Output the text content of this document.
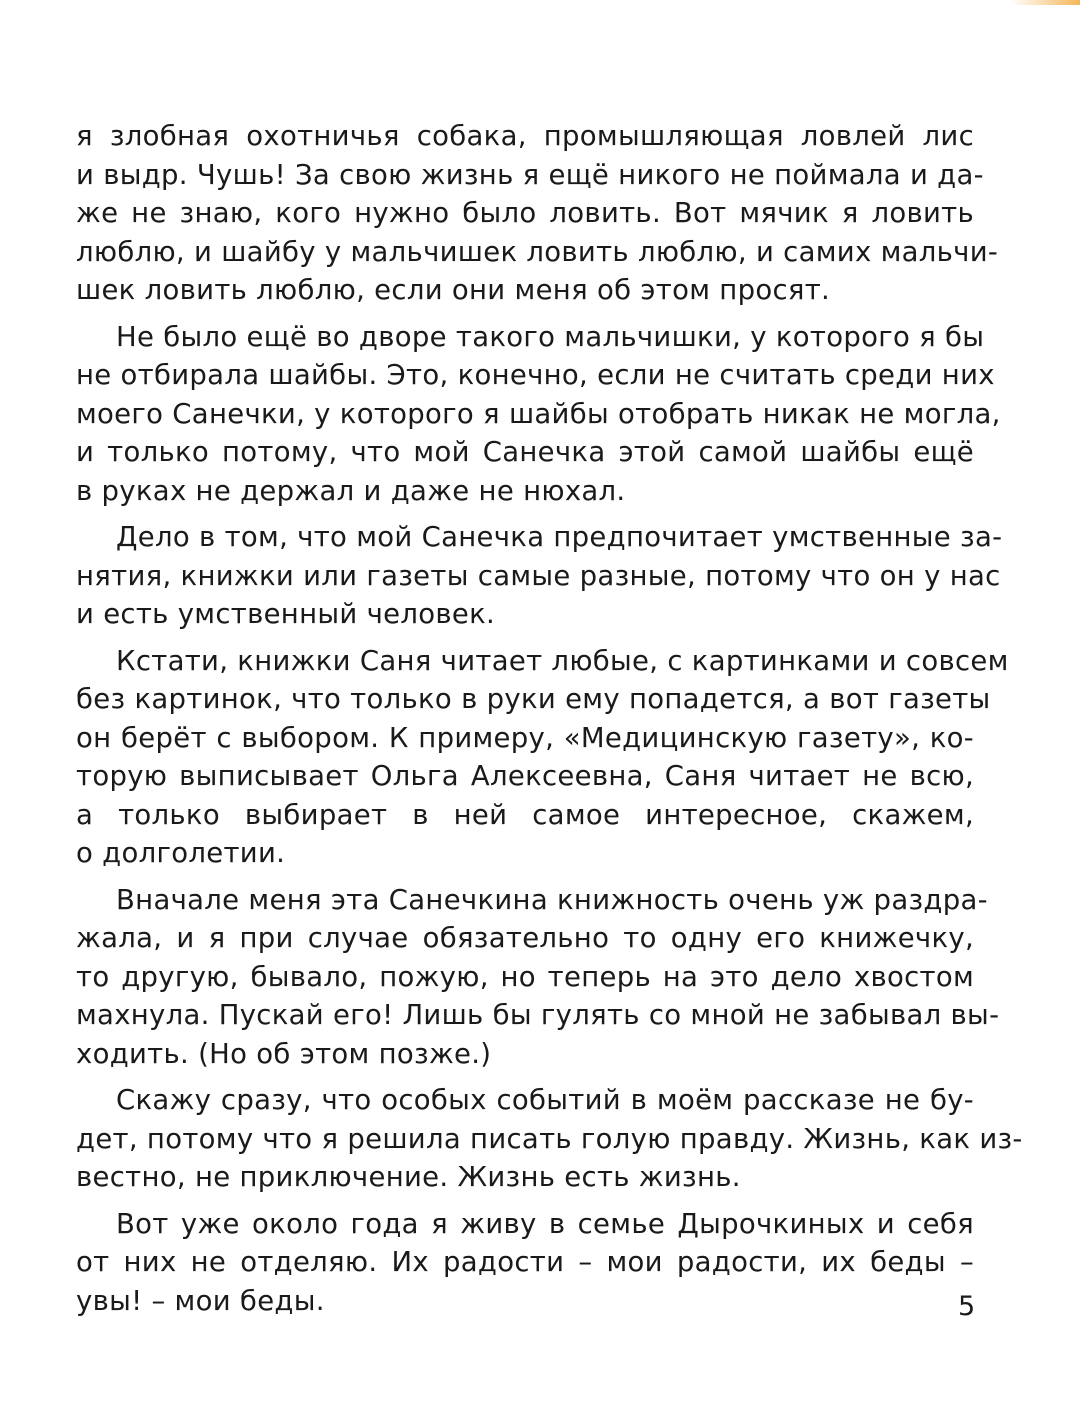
я злобная охотничья собака, промышляющая ловлей лис
и выдр. Чушь! За свою жизнь я ещё никого не поймала и да-
же не знаю, кого нужно было ловить. Вот мячик я ловить
люблю, и шайбу у мальчишек ловить люблю, и самих мальчи-
шек ловить люблю, если они меня об этом просят.
Не было ещё во дворе такого мальчишки, у которого я бы
не отбирала шайбы. Это, конечно, если не считать среди них
моего Санечки, у которого я шайбы отобрать никак не могла,
и только потому, что мой Санечка этой самой шайбы ещё
в руках не держал и даже не нюхал.
Дело в том, что мой Санечка предпочитает умственные за-
нятия, книжки или газеты самые разные, потому что он у нас
и есть умственный человек.
Кстати, книжки Саня читает любые, с картинками и совсем
без картинок, что только в руки ему попадется, а вот газеты
он берёт с выбором. К примеру, «Медицинскую газету», ко-
торую выписывает Ольга Алексеевна, Саня читает не всю,
а только выбирает в ней самое интересное, скажем,
о долголетии.
Вначале меня эта Санечкина книжность очень уж раздра-
жала, и я при случае обязательно то одну его книжечку,
то другую, бывало, пожую, но теперь на это дело хвостом
махнула. Пускай его! Лишь бы гулять со мной не забывал вы-
ходить. (Но об этом позже.)
Скажу сразу, что особых событий в моём рассказе не бу-
дет, потому что я решила писать голую правду. Жизнь, как из-
вестно, не приключение. Жизнь есть жизнь.
Вот уже около года я живу в семье Дырочкиных и себя
от них не отделяю. Их радости – мои радости, их беды –
увы! – мои беды.	5
